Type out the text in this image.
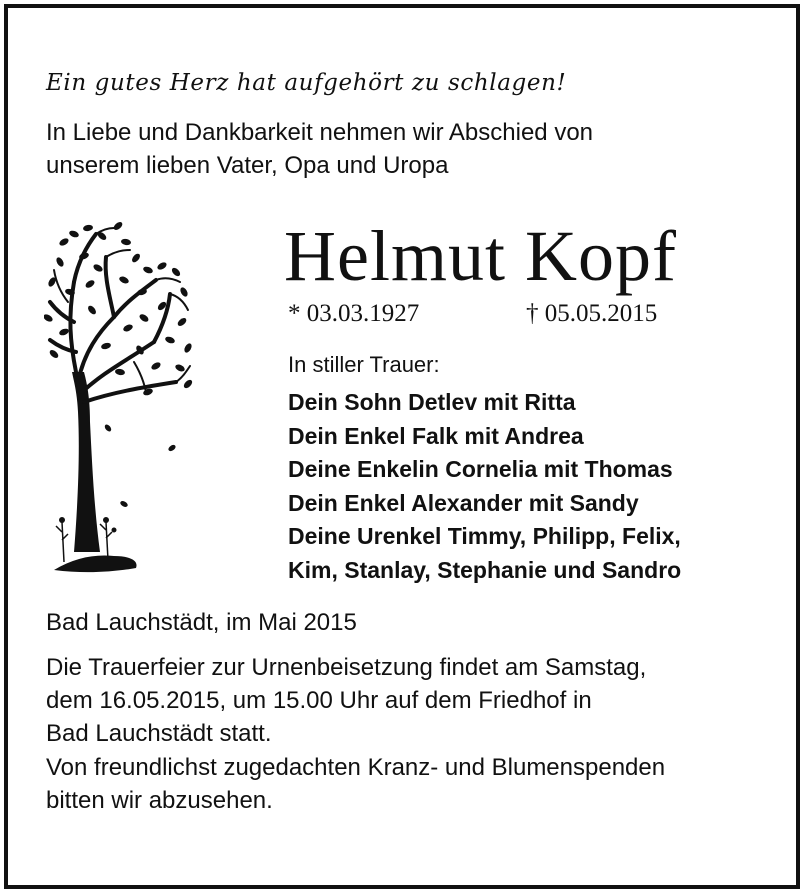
Ein gutes Herz hat aufgehört zu schlagen!
In Liebe und Dankbarkeit nehmen wir Abschied von
unserem lieben Vater, Opa und Uropa
Helmut Kopf
* 03.03.1927	† 05.05.2015
In stiller Trauer:
Dein Sohn Detlev mit Ritta
Dein Enkel Falk mit Andrea
Deine Enkelin Cornelia mit Thomas
Dein Enkel Alexander mit Sandy
Deine Urenkel Timmy, Philipp, Felix,
Kim, Stanlay, Stephanie und Sandro
Bad Lauchstädt, im Mai 2015
Die Trauerfeier zur Urnenbeisetzung findet am Samstag,
dem 16.05.2015, um 15.00 Uhr auf dem Friedhof in
Bad Lauchstädt statt.
Von freundlichst zugedachten Kranz- und Blumenspenden
bitten wir abzusehen.
